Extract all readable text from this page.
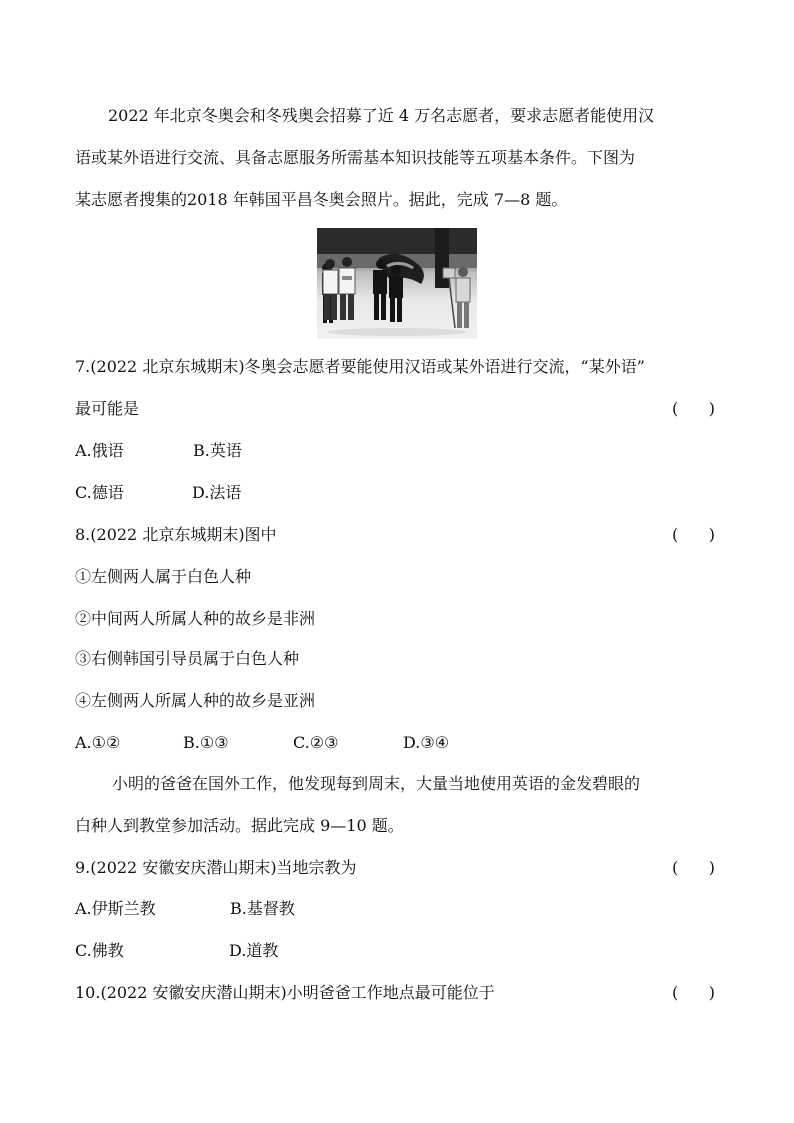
2022 年北京冬奥会和冬残奥会招募了近 4 万名志愿者，要求志愿者能使用汉
语或某外语进行交流、具备志愿服务所需基本知识技能等五项基本条件。下图为
某志愿者搜集的2018 年韩国平昌冬奥会照片。据此，完成 7—8 题。
7.(2022 北京东城期末)冬奥会志愿者要能使用汉语或某外语进行交流，“某外语”
最可能是	(      )
A.俄语	B.英语
C.德语	D.法语
8.(2022 北京东城期末)图中	(      )
①左侧两人属于白色人种
②中间两人所属人种的故乡是非洲
③右侧韩国引导员属于白色人种
④左侧两人所属人种的故乡是亚洲
A.①②	B.①③	C.②③	D.③④
小明的爸爸在国外工作，他发现每到周末，大量当地使用英语的金发碧眼的
白种人到教堂参加活动。据此完成 9—10 题。
9.(2022 安徽安庆潜山期末)当地宗教为	(      )
A.伊斯兰教	B.基督教
C.佛教	D.道教
10.(2022 安徽安庆潜山期末)小明爸爸工作地点最可能位于	(      )
